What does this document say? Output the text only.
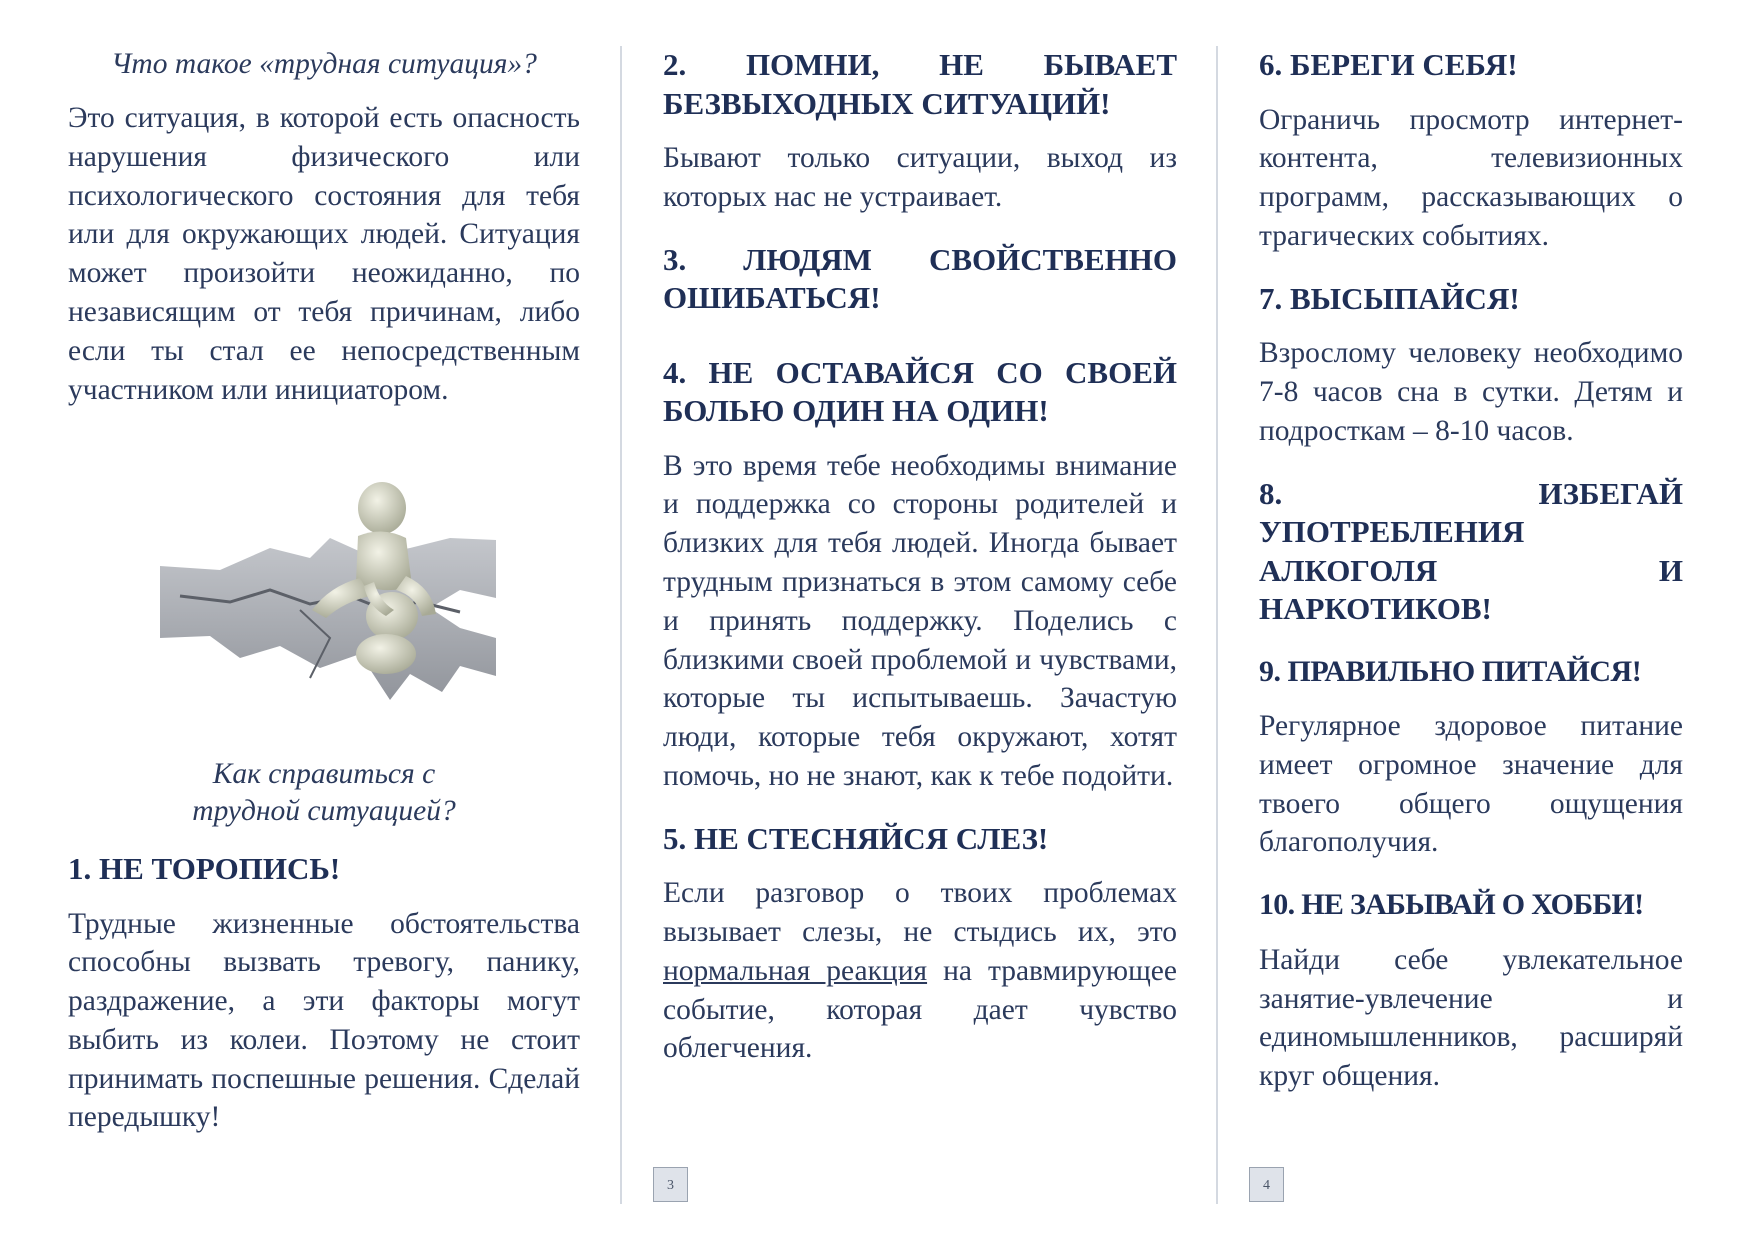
Что такое «трудная ситуация»?

Это ситуация, в которой есть опасность нарушения физического или психологического состояния для тебя или для окружающих людей. Ситуация может произойти неожиданно, по независящим от тебя причинам, либо если ты стал ее непосредственным участником или инициатором.

Как справиться с трудной ситуацией?

1. НЕ ТОРОПИСЬ!

Трудные жизненные обстоятельства способны вызвать тревогу, панику, раздражение, а эти факторы могут выбить из колеи. Поэтому не стоит принимать поспешные решения. Сделай передышку!

2. ПОМНИ, НЕ БЫВАЕТ БЕЗВЫХОДНЫХ СИТУАЦИЙ!

Бывают только ситуации, выход из которых нас не устраивает.

3. ЛЮДЯМ СВОЙСТВЕННО ОШИБАТЬСЯ!
4. НЕ ОСТАВАЙСЯ СО СВОЕЙ БОЛЬЮ ОДИН НА ОДИН!

В это время тебе необходимы внимание и поддержка со стороны родителей и близких для тебя людей. Иногда бывает трудным признаться в этом самому себе и принять поддержку. Поделись с близкими своей проблемой и чувствами, которые ты испытываешь. Зачастую люди, которые тебя окружают, хотят помочь, но не знают, как к тебе подойти.

5. НЕ СТЕСНЯЙСЯ СЛЕЗ!

Если разговор о твоих проблемах вызывает слезы, не стыдись их, это нормальная реакция на травмирующее событие, которая дает чувство облегчения.

6. БЕРЕГИ СЕБЯ!

Ограничь просмотр интернет-контента, телевизионных программ, рассказывающих о трагических событиях.

7. ВЫСЫПАЙСЯ!

Взрослому человеку необходимо 7-8 часов сна в сутки. Детям и подросткам – 8-10 часов.

8. ИЗБЕГАЙ УПОТРЕБЛЕНИЯ АЛКОГОЛЯ И НАРКОТИКОВ!
9. ПРАВИЛЬНО ПИТАЙСЯ!

Регулярное здоровое питание имеет огромное значение для твоего общего ощущения благополучия.

10. НЕ ЗАБЫВАЙ О ХОББИ!

Найди себе увлекательное занятие-увлечение и единомышленников, расширяй круг общения.

3	4
